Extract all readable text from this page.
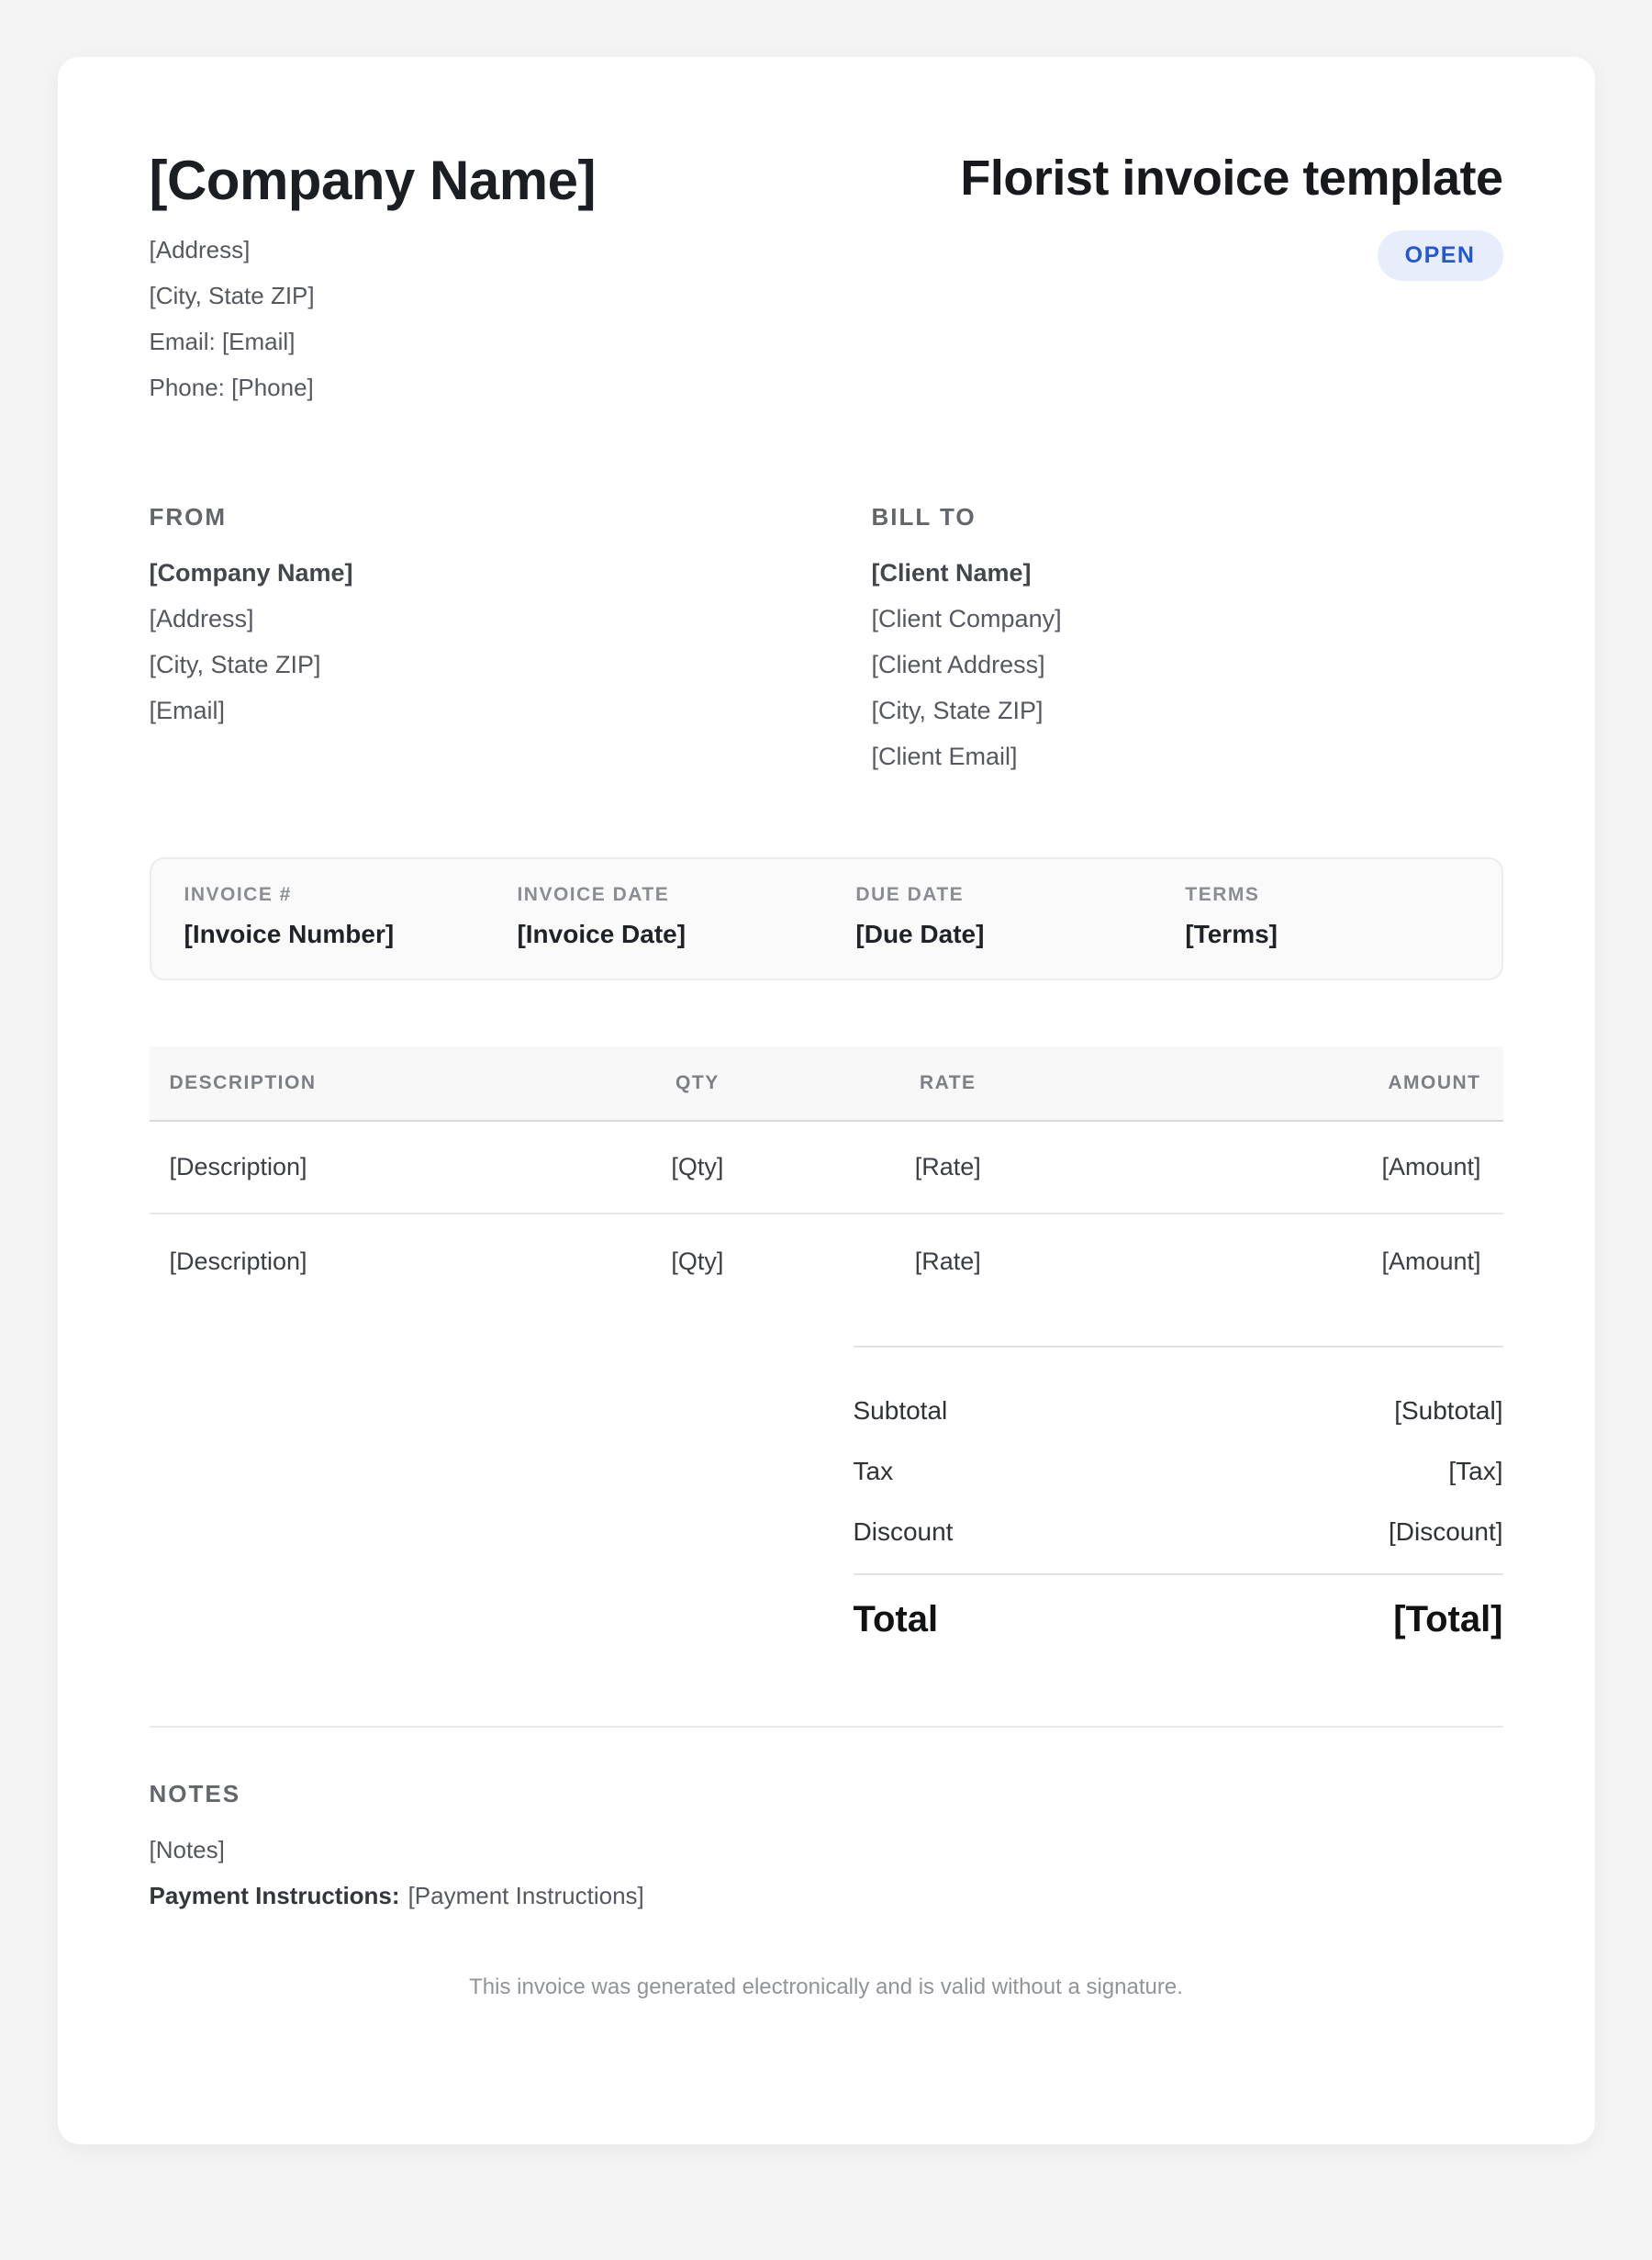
[Company Name]
[Address]
[City, State ZIP]
Email: [Email]
Phone: [Phone]
Florist invoice template
OPEN
FROM
[Company Name]
[Address]
[City, State ZIP]
[Email]
BILL TO
[Client Name]
[Client Company]
[Client Address]
[City, State ZIP]
[Client Email]
INVOICE #
[Invoice Number]
INVOICE DATE
[Invoice Date]
DUE DATE
[Due Date]
TERMS
[Terms]
DESCRIPTION	QTY	RATE	AMOUNT
[Description]	[Qty]	[Rate]	[Amount]
[Description]	[Qty]	[Rate]	[Amount]
Subtotal	[Subtotal]
Tax	[Tax]
Discount	[Discount]
Total	[Total]
NOTES
[Notes]
Payment Instructions: [Payment Instructions]
This invoice was generated electronically and is valid without a signature.
